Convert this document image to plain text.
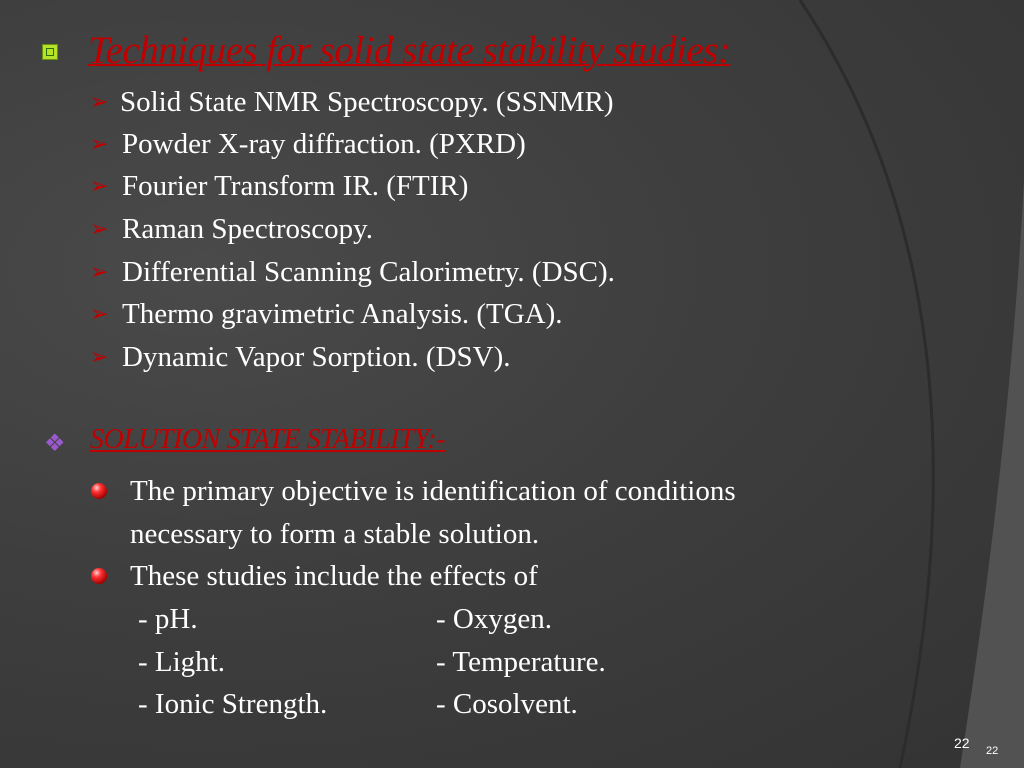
Techniques for solid state stability studies:
➢ Solid State NMR Spectroscopy. (SSNMR)
➢ Powder X-ray diffraction. (PXRD)
➢ Fourier Transform IR. (FTIR)
➢ Raman Spectroscopy.
➢ Differential Scanning Calorimetry. (DSC).
➢ Thermo gravimetric Analysis. (TGA).
➢ Dynamic Vapor Sorption. (DSV).
❖ SOLUTION STATE STABILITY:-
The primary objective is identification of conditions
necessary to form a stable solution.
These studies include the effects of
- pH.	- Oxygen.
- Light.	- Temperature.
- Ionic Strength.	- Cosolvent.
22 22
